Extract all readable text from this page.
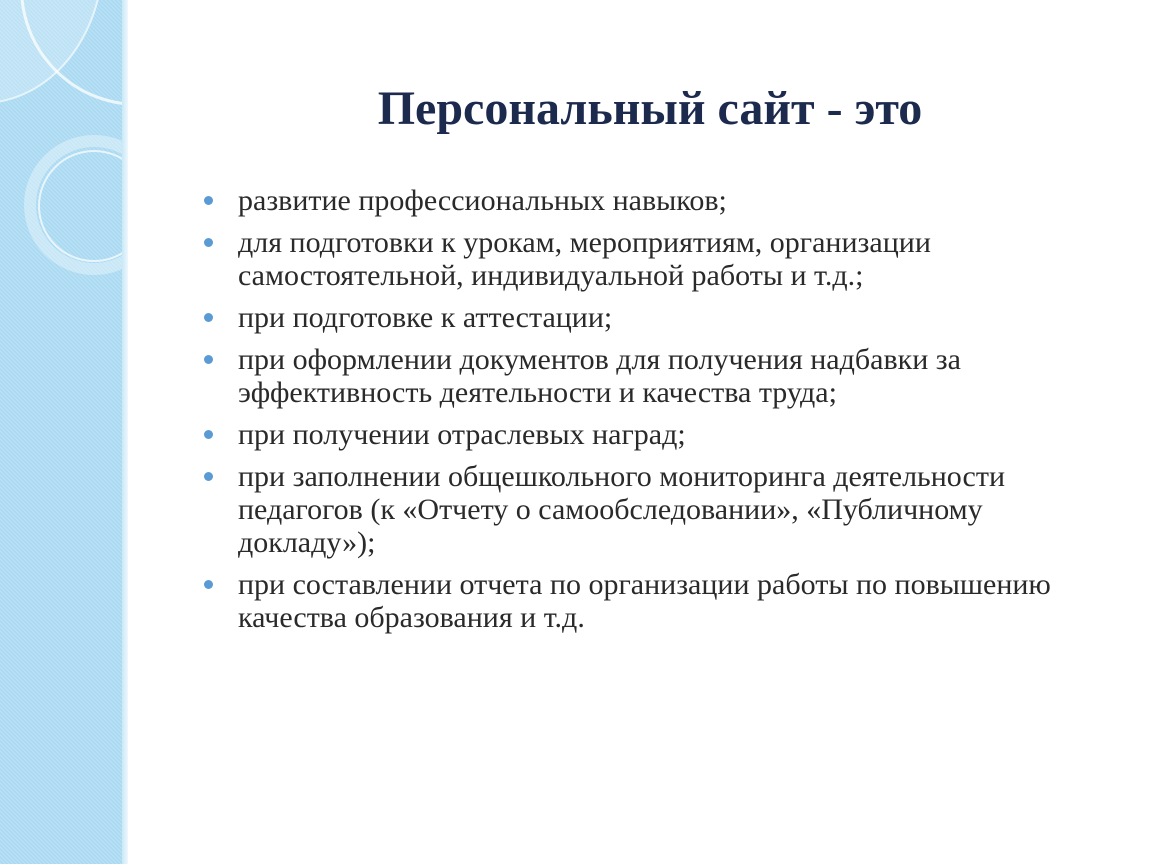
Персональный сайт - это
развитие профессиональных навыков;
для подготовки к урокам, мероприятиям, организации самостоятельной, индивидуальной работы и т.д.;
при подготовке к аттестации;
при оформлении документов для получения надбавки за эффективность деятельности и качества труда;
при получении отраслевых наград;
при заполнении общешкольного мониторинга деятельности педагогов (к «Отчету о самообследовании», «Публичному докладу»);
при составлении отчета по организации работы по повышению качества образования и т.д.
